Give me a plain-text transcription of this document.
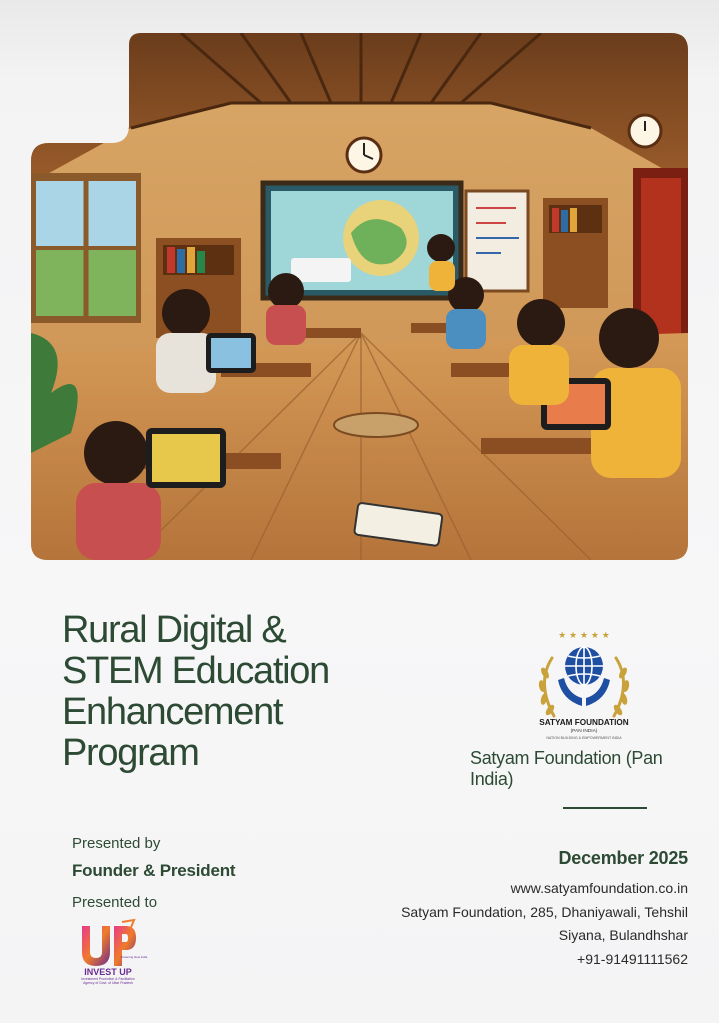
Rural Digital &
STEM Education
Enhancement
Program
★ ★ ★ ★ ★
SATYAM FOUNDATION
(PAN INDIA)
NATION BUILDING & EMPOWERMENT INDIA
Satyam Foundation (Pan India)
Presented by
Founder & President
Presented to
INVEST UP
Powering New India
Investment Promotion & Facilitation Agency of Govt. of Uttar Pradesh
December 2025
www.satyamfoundation.co.in
Satyam Foundation, 285, Dhaniyawali, Tehshil
Siyana, Bulandhshar
+91-91491111562
